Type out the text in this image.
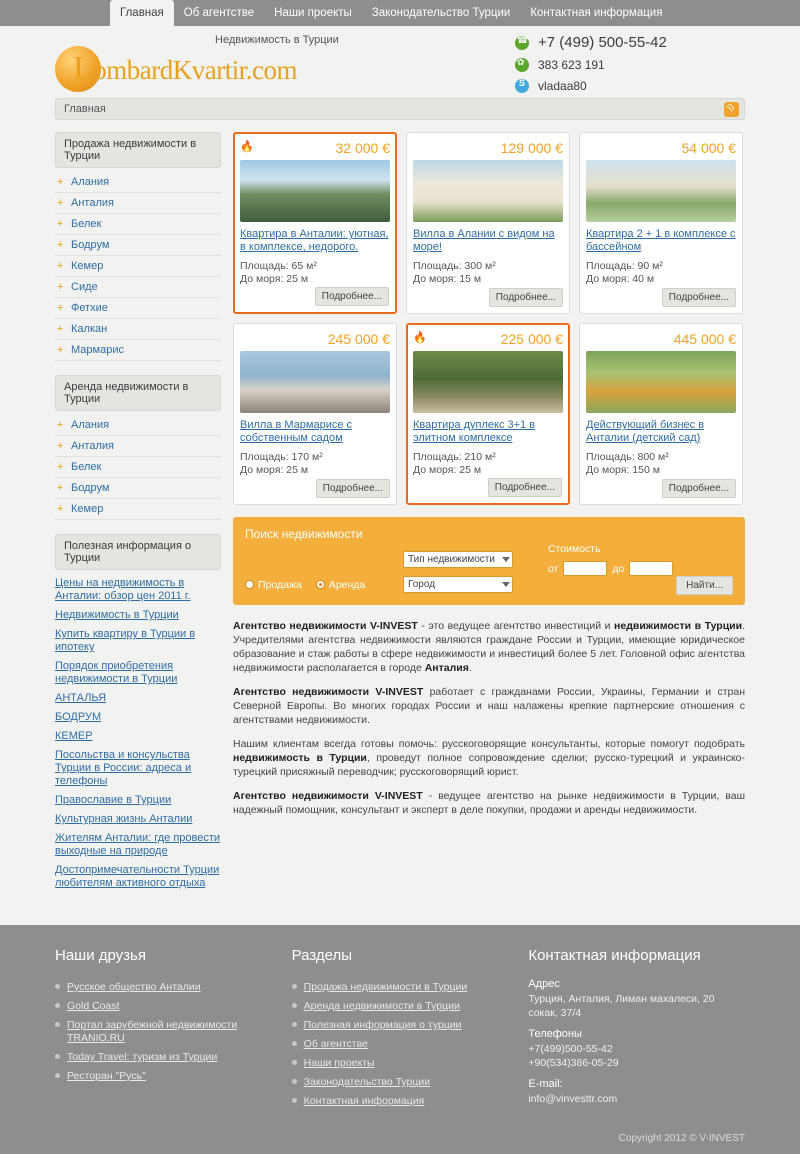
Главная	Об агентстве	Наши проекты	Законодательство Турции	Контактная информация
LombardKvartir.com
Недвижимость в Турции ☎	+7 (499) 500-55-42
✿
383 623 191
S
vladaa80
Главная
))
Продажа недвижимости в Турции
+ Алания
+ Анталия
+ Белек
+ Бодрум
+ Кемер
+ Сиде
+ Фетхие
+ Калкан
+ Мармарис
Аренда недвижимости в Турции
+ Алания
+ Анталия
+ Белек
+ Бодрум
+ Кемер
Полезная информация о Турции
Цены на недвижимость в Анталии: обзор цен 2011 г.
Недвижимость в Турции
Купить квартиру в Турции в ипотеку
Порядок приобретения недвижимости в Турции
АНТАЛЬЯ
БОДРУМ
КЕМЕР
Посольства и консульства Турции в России: адреса и телефоны
Православие в Турции
Культурная жизнь Анталии
Жителям Анталии: где провести выходные на природе
Достопримечательности Турции любителям активного отдыха
🔥
32 000 €
Квартира в Анталии: уютная, в комплексе, недорого.
Площадь: 65 м²
До моря: 25 м
Подробнее...
129 000 €
Вилла в Алании с видом на море!
Площадь: 300 м²
До моря: 15 м
Подробнее...
54 000 €
Квартира 2 + 1 в комплексе с бассейном
Площадь: 90 м²
До моря: 40 м
Подробнее...
245 000 €
Вилла в Мармарисе с собственным садом
Площадь: 170 м²
До моря: 25 м
Подробнее...
🔥
225 000 €
Квартира дуплекс 3+1 в элитном комплексе
Площадь: 210 м²
До моря: 25 м
Подробнее...
445 000 €
Действующий бизнес в Анталии (детский сад)
Площадь: 800 м²
До моря: 150 м
Подробнее...
Поиск недвижимости
Тип недвижимости
Продажа	Аренда	Город
Стоимость
от	до
Найти...

Агентство недвижимости V-INVEST - это ведущее агентство инвестиций и недвижимости в Турции. Учредителями агентства недвижимости являются граждане России и Турции, имеющие юридическое образование и стаж работы в сфере недвижимости и инвестиций более 5 лет. Головной офис агентства недвижимости располагается в городе Анталия.

Агентство недвижимости V-INVEST работает с гражданами России, Украины, Германии и стран Северной Европы. Во многих городах России и наш налажены крепкие партнерские отношения с агентствами недвижимости.

Нашим клиентам всегда готовы помочь: русскоговорящие консультанты, которые помогут подобрать недвижимость в Турции, проведут полное сопровождение сделки; русско-турецкий и украинско-турецкий присяжный переводчик; русскоговорящий юрист.

Агентство недвижимости V-INVEST - ведущее агентство на рынке недвижимости в Турции, ваш надежный помощник, консультант и эксперт в деле покупки, продажи и аренды недвижимости.

Наши друзья
Русское общество Анталии
Gold Coast
Портал зарубежной недвижимости TRANIO.RU
Today Travel: туризм из Турции
Ресторан "Русь"
Разделы
Продажа недвижимости в Турции
Аренда недвижимости в Турции
Полезная информация о турции
Об агентстве
Наши проекты
Законодательство Турции
Контактная информация
Контактная информация
Адрес
Турция, Анталия, Лиман махалеси, 20 сокак, 37/4
Телефоны
+7(499)500-55-42
+90(534)386-05-29
E-mail:
info@vinvesttr.com
Copyright 2012 © V-INVEST
